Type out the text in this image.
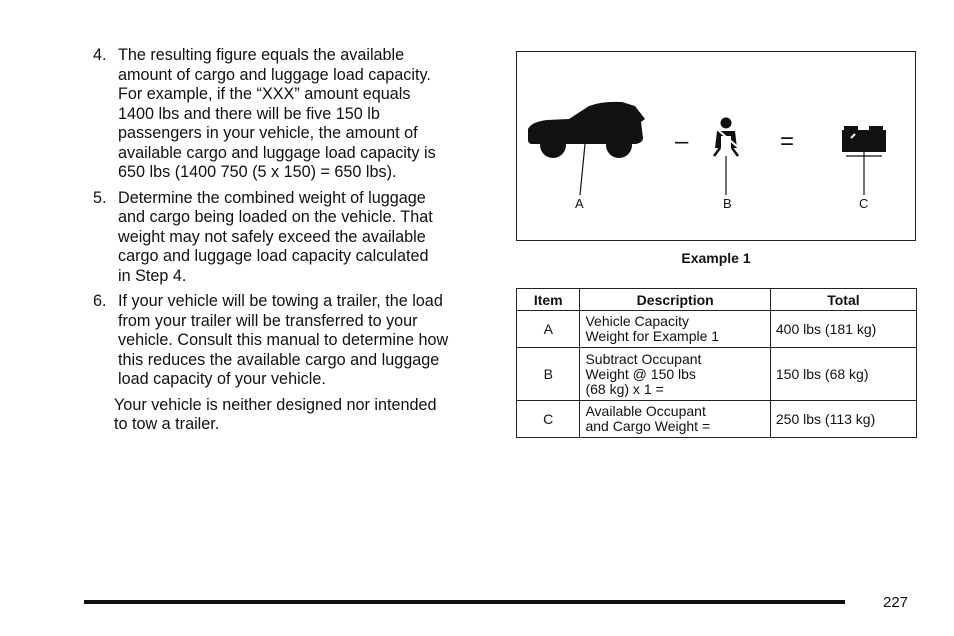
4. The resulting figure equals the available
amount of cargo and luggage load capacity.
For example, if the “XXX” amount equals
1400 lbs and there will be five 150 lb
passengers in your vehicle, the amount of
available cargo and luggage load capacity is
650 lbs (1400 750 (5 x 150) = 650 lbs).
5. Determine the combined weight of luggage
and cargo being loaded on the vehicle. That
weight may not safely exceed the available
cargo and luggage load capacity calculated
in Step 4.
6. If your vehicle will be towing a trailer, the load
from your trailer will be transferred to your
vehicle. Consult this manual to determine how
this reduces the available cargo and luggage
load capacity of your vehicle.
Your vehicle is neither designed nor intended
to tow a trailer.
–	=
A	B	C
Example 1
Item	Description	Total
A	Vehicle Capacity
Weight for Example 1	400 lbs (181 kg)
B	Subtract Occupant
Weight @ 150 lbs
(68 kg) x 1 =	150 lbs (68 kg)
C	Available Occupant
and Cargo Weight =	250 lbs (113 kg)
227
